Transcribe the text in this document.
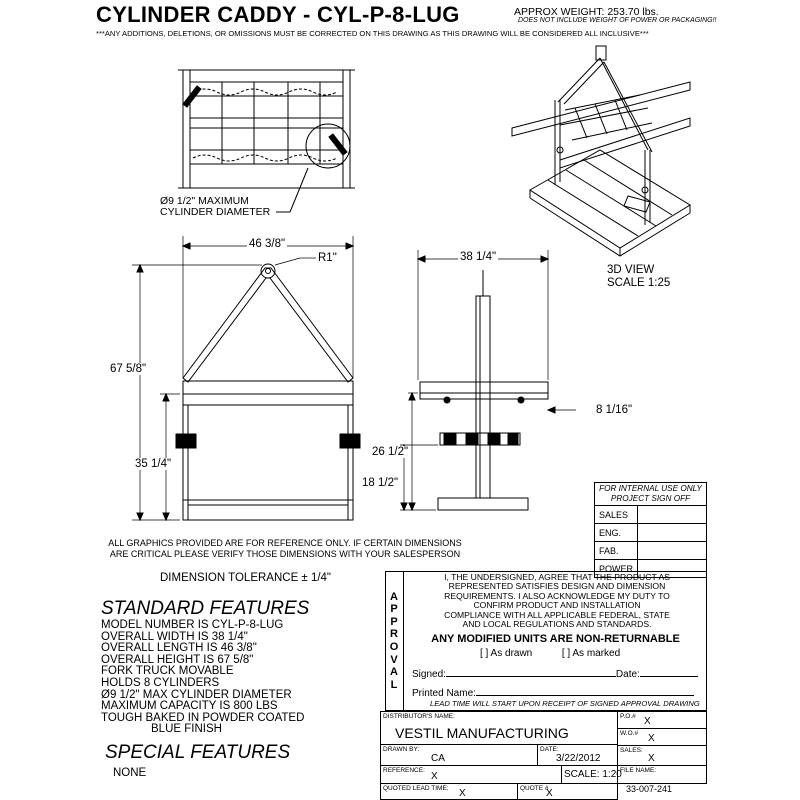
CYLINDER CADDY - CYL-P-8-LUG	APPROX WEIGHT: 253.70 lbs.
DOES NOT INCLUDE WEIGHT OF POWER OR PACKAGING!!
***ANY ADDITIONS, DELETIONS, OR OMISSIONS MUST BE CORRECTED ON THIS DRAWING AS THIS DRAWING WILL BE CONSIDERED ALL INCLUSIVE***
Ø9 1/2" MAXIMUM
CYLINDER DIAMETER
46 3/8"
R1"
67 5/8"
35 1/4"
18 1/2"
38 1/4"
26 1/2"
8 1/16"
3D VIEW
SCALE 1:25
ALL GRAPHICS PROVIDED ARE FOR REFERENCE ONLY. IF CERTAIN DIMENSIONS
ARE CRITICAL PLEASE VERIFY THOSE DIMENSIONS WITH YOUR SALESPERSON
DIMENSION TOLERANCE ± 1/4"
STANDARD FEATURES
MODEL NUMBER IS CYL-P-8-LUG
OVERALL WIDTH IS 38 1/4"
OVERALL LENGTH IS 46 3/8"
OVERALL HEIGHT IS 67 5/8"
FORK TRUCK MOVABLE
HOLDS 8 CYLINDERS
Ø9 1/2" MAX CYLINDER DIAMETER
MAXIMUM CAPACITY IS 800 LBS
TOUGH BAKED IN POWDER COATED
BLUE FINISH
SPECIAL FEATURES
NONE
FOR INTERNAL USE ONLY
PROJECT SIGN OFF	

SALES	
ENG.	
FAB.	
POWER	
APPROVAL
I, THE UNDERSIGNED, AGREE THAT THE PRODUCT AS
REPRESENTED SATISFIES DESIGN AND DIMENSION
REQUIREMENTS. I ALSO ACKNOWLEDGE MY DUTY TO
CONFIRM PRODUCT AND INSTALLATION
COMPLIANCE WITH ALL APPLICABLE FEDERAL, STATE
AND LOCAL REGULATIONS AND STANDARDS.
ANY MODIFIED UNITS ARE NON-RETURNABLE
[ ] As drawn	[ ] As marked
Signed:	Date:
Printed Name:
LEAD TIME WILL START UPON RECEIPT OF SIGNED APPROVAL DRAWING
DISTRIBUTOR'S NAME:
VESTIL MANUFACTURING
P.O.# X
W.O.# X
DRAWN BY:
CA
DATE:
3/22/2012
SALES:
X
REFERENCE:
X	SCALE: 1:20
FILE NAME:
33-007-241
QUOTED LEAD TIME: X	QUOTE #
X
